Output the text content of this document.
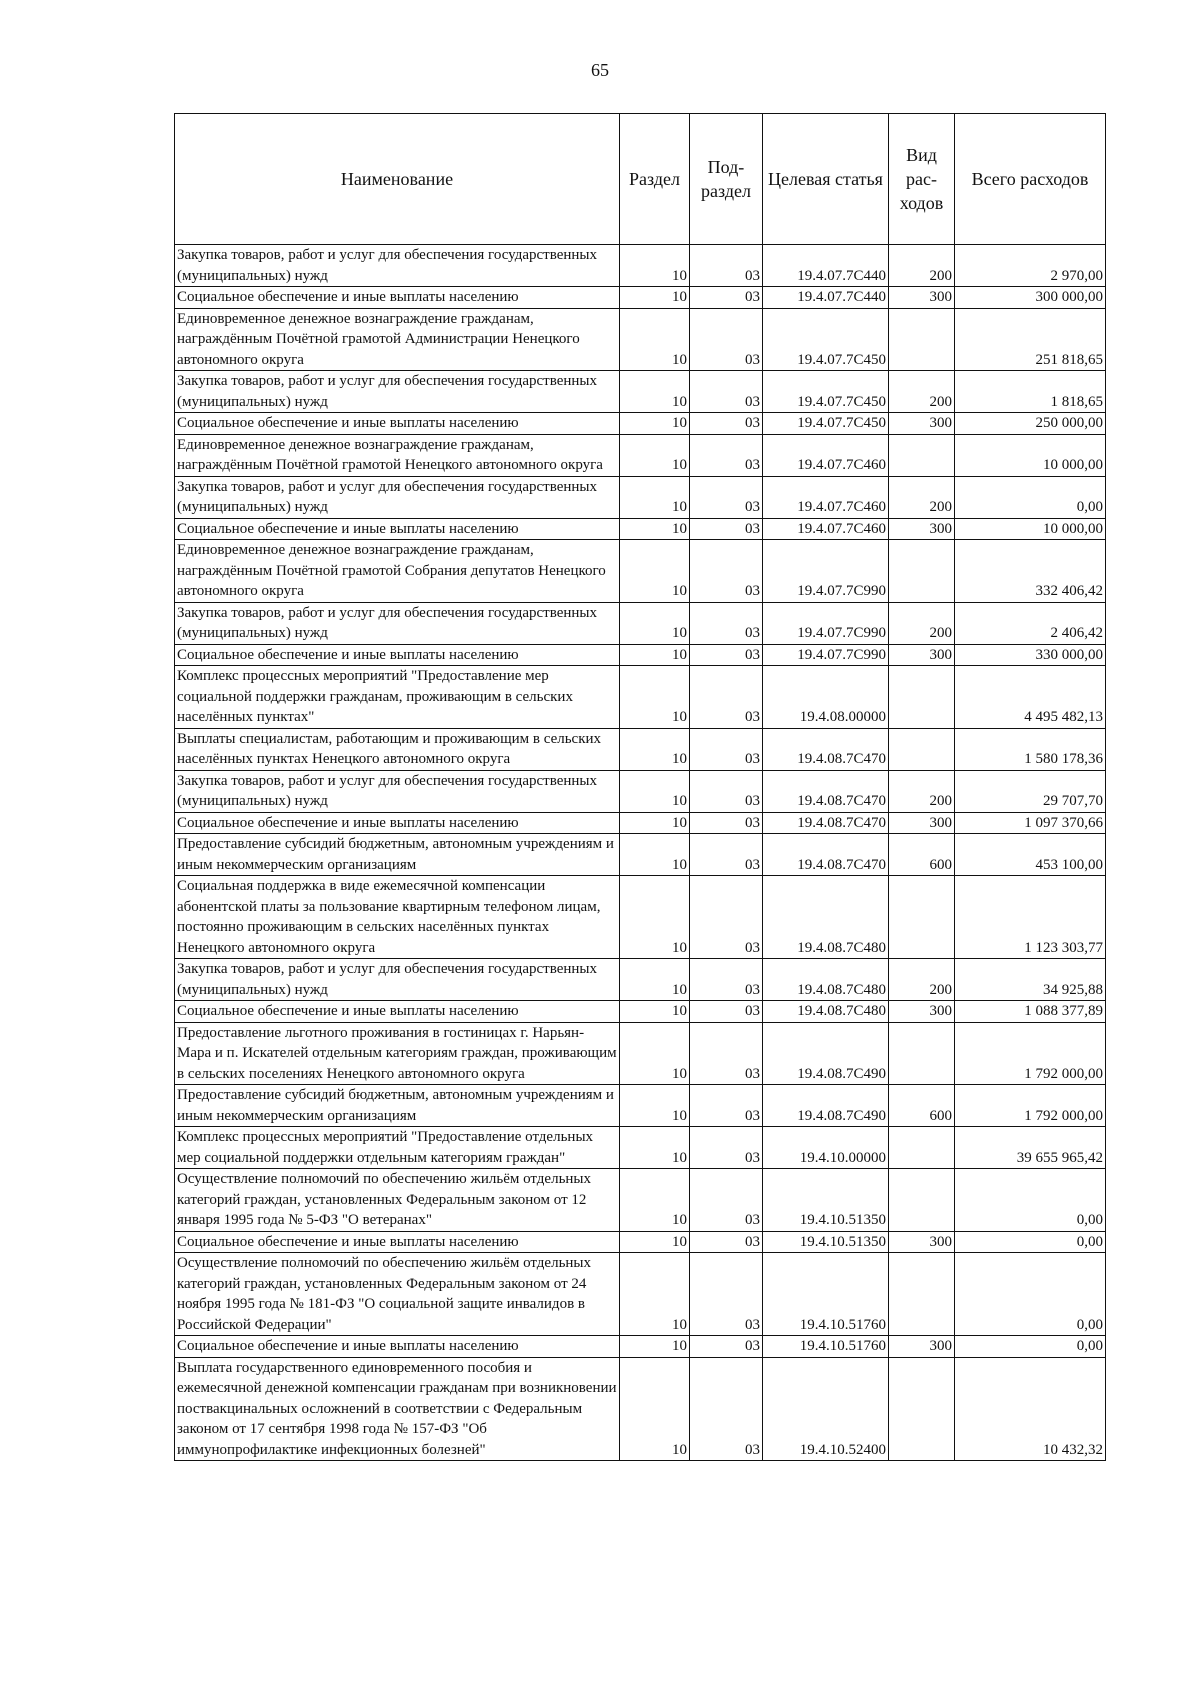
65
Наименование	Раздел	Под-раздел	Целевая статья	Вид рас-ходов	Всего расходов
Закупка товаров, работ и услуг для обеспечения государственных (муниципальных) нужд	10	03	19.4.07.7С440	200	2 970,00
Социальное обеспечение и иные выплаты населению	10	03	19.4.07.7С440	300	300 000,00
Единовременное денежное вознаграждение гражданам, награждённым Почётной грамотой Администрации Ненецкого автономного округа	10	03	19.4.07.7С450		251 818,65
Закупка товаров, работ и услуг для обеспечения государственных (муниципальных) нужд	10	03	19.4.07.7С450	200	1 818,65
Социальное обеспечение и иные выплаты населению	10	03	19.4.07.7С450	300	250 000,00
Единовременное денежное вознаграждение гражданам, награждённым Почётной грамотой Ненецкого автономного округа	10	03	19.4.07.7С460		10 000,00
Закупка товаров, работ и услуг для обеспечения государственных (муниципальных) нужд	10	03	19.4.07.7С460	200	0,00
Социальное обеспечение и иные выплаты населению	10	03	19.4.07.7С460	300	10 000,00
Единовременное денежное вознаграждение гражданам, награждённым Почётной грамотой Собрания депутатов Ненецкого автономного округа	10	03	19.4.07.7С990		332 406,42
Закупка товаров, работ и услуг для обеспечения государственных (муниципальных) нужд	10	03	19.4.07.7С990	200	2 406,42
Социальное обеспечение и иные выплаты населению	10	03	19.4.07.7С990	300	330 000,00
Комплекс процессных мероприятий "Предоставление мер социальной поддержки гражданам, проживающим в сельских населённых пунктах"	10	03	19.4.08.00000		4 495 482,13
Выплаты специалистам, работающим и проживающим в сельских населённых пунктах Ненецкого автономного округа	10	03	19.4.08.7С470		1 580 178,36
Закупка товаров, работ и услуг для обеспечения государственных (муниципальных) нужд	10	03	19.4.08.7С470	200	29 707,70
Социальное обеспечение и иные выплаты населению	10	03	19.4.08.7С470	300	1 097 370,66
Предоставление субсидий бюджетным, автономным учреждениям и иным некоммерческим организациям	10	03	19.4.08.7С470	600	453 100,00
Социальная поддержка в виде ежемесячной компенсации абонентской платы за пользование квартирным телефоном лицам, постоянно проживающим в сельских населённых пунктах Ненецкого автономного округа	10	03	19.4.08.7С480		1 123 303,77
Закупка товаров, работ и услуг для обеспечения государственных (муниципальных) нужд	10	03	19.4.08.7С480	200	34 925,88
Социальное обеспечение и иные выплаты населению	10	03	19.4.08.7С480	300	1 088 377,89
Предоставление льготного проживания в гостиницах г. Нарьян-Мара и п. Искателей отдельным категориям граждан, проживающим в сельских поселениях Ненецкого автономного округа	10	03	19.4.08.7С490		1 792 000,00
Предоставление субсидий бюджетным, автономным учреждениям и иным некоммерческим организациям	10	03	19.4.08.7С490	600	1 792 000,00
Комплекс процессных мероприятий "Предоставление отдельных мер социальной поддержки отдельным категориям граждан"	10	03	19.4.10.00000		39 655 965,42
Осуществление полномочий по обеспечению жильём отдельных категорий граждан, установленных Федеральным законом от 12 января 1995 года № 5-ФЗ "О ветеранах"	10	03	19.4.10.51350		0,00
Социальное обеспечение и иные выплаты населению	10	03	19.4.10.51350	300	0,00
Осуществление полномочий по обеспечению жильём отдельных категорий граждан, установленных Федеральным законом от 24 ноября 1995 года № 181-ФЗ "О социальной защите инвалидов в Российской Федерации"	10	03	19.4.10.51760		0,00
Социальное обеспечение и иные выплаты населению	10	03	19.4.10.51760	300	0,00
Выплата государственного единовременного пособия и ежемесячной денежной компенсации гражданам при возникновении поствакцинальных осложнений в соответствии с Федеральным законом от 17 сентября 1998 года № 157-ФЗ "Об иммунопрофилактике инфекционных болезней"	10	03	19.4.10.52400		10 432,32
